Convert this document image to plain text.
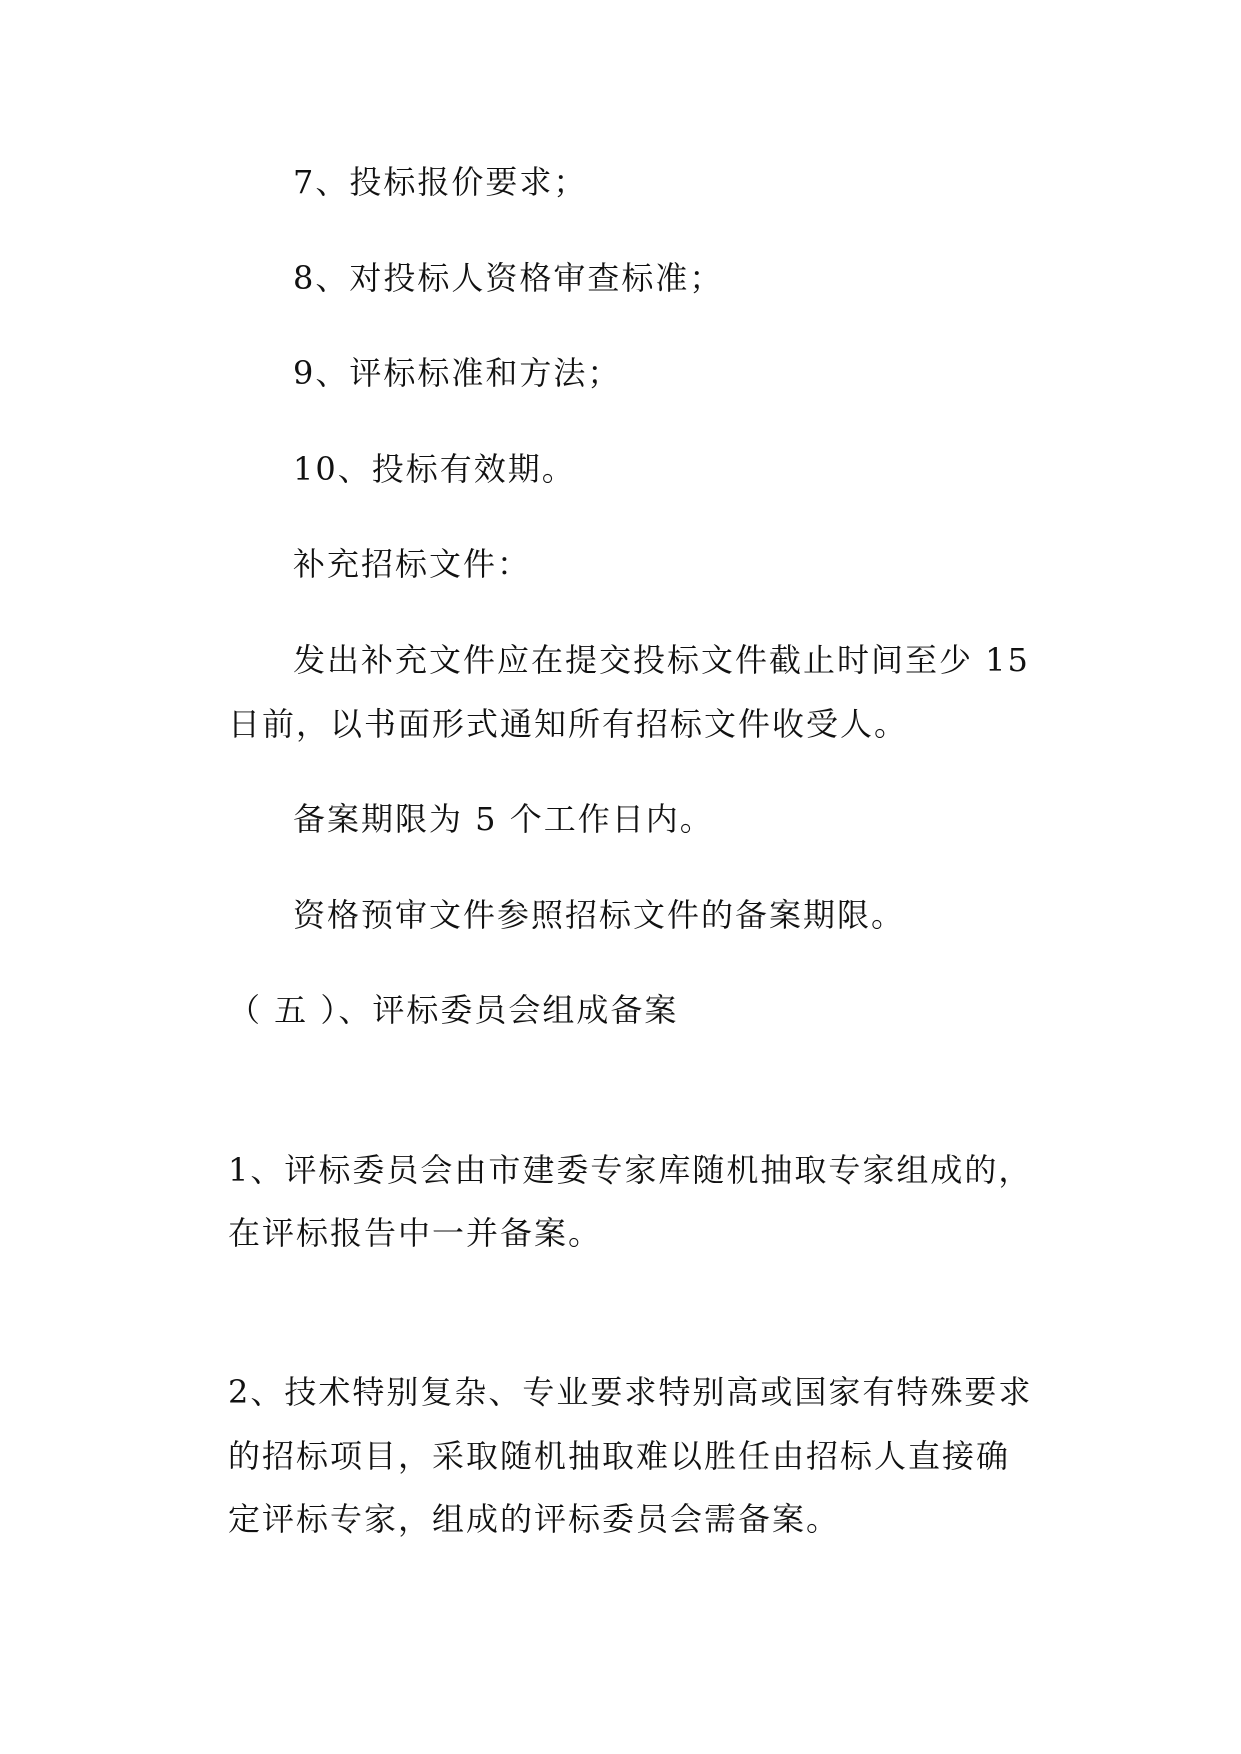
7、投标报价要求；
8、对投标人资格审查标准；
9、评标标准和方法；
10、投标有效期。
补充招标文件：
发出补充文件应在提交投标文件截止时间至少 15
日前，以书面形式通知所有招标文件收受人。
备案期限为 5 个工作日内。
资格预审文件参照招标文件的备案期限。
（ 五 ）、评标委员会组成备案
1、评标委员会由市建委专家库随机抽取专家组成的，
在评标报告中一并备案。
2、技术特别复杂、专业要求特别高或国家有特殊要求
的招标项目，采取随机抽取难以胜任由招标人直接确
定评标专家，组成的评标委员会需备案。
